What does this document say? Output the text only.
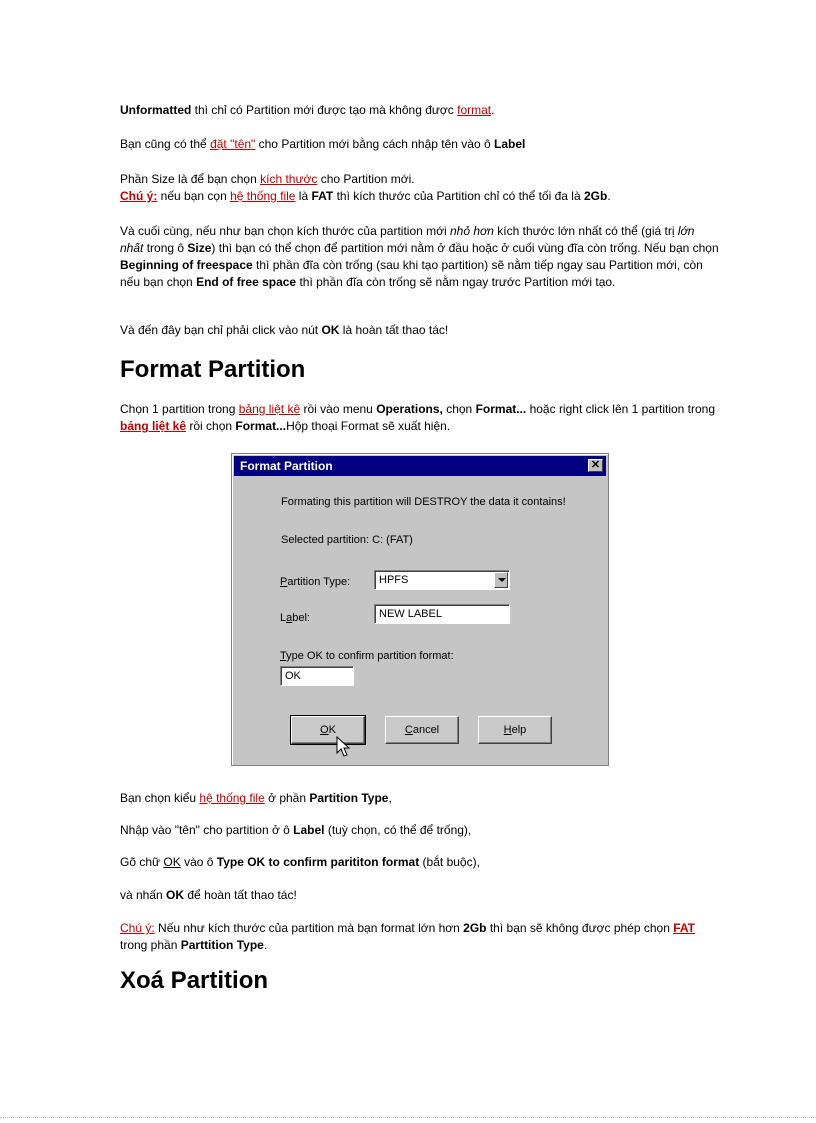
Unformatted thì chỉ có Partition mới được tạo mà không được format.

Bạn cũng có thể đặt "tên" cho Partition mới bằng cách nhập tên vào ô Label

Phần Size là để bạn chọn kích thước cho Partition mới.
Chú ý: nếu bạn cọn hệ thống file là FAT thì kích thước của Partition chỉ có thể tối đa là 2Gb.

Và cuối cùng, nếu như bạn chọn kích thước của partition mới nhỏ hơn kích thước lớn nhất có thể (giá trị lớn nhất trong ô Size) thì bạn có thể chọn để partition mới nằm ở đầu hoặc ở cuối vùng đĩa còn trống. Nếu bạn chọn Beginning of freespace thì phần đĩa còn trống (sau khi tạo partition) sẽ nằm tiếp ngay sau Partition mới, còn nếu bạn chọn End of free space thì phần đĩa còn trống sẽ nằm ngay trước Partition mới tạo.

Và đến đây bạn chỉ phải click vào nút OK là hoàn tất thao tác!

Format Partition

Chọn 1 partition trong bảng liệt kê rồi vào menu Operations, chọn Format... hoặc right click lên 1 partition trong bảng liệt kê rồi chọn Format...Hộp thoại Format sẽ xuất hiện.

Format Partition	✕
Formating this partition will DESTROY the data it contains!
Selected partition: C: (FAT)
Partition Type:	HPFS
Label:	NEW LABEL
Type OK to confirm partition format:
OK
OK	Cancel	Help

Bạn chọn kiểu hệ thống file ở phần Partition Type,

Nhập vào "tên" cho partition ở ô Label (tuỳ chọn, có thể để trống),

Gõ chữ OK vào ô Type OK to confirm parititon format (bắt buộc),

và nhấn OK để hoàn tất thao tác!

Chú ý: Nếu như kích thước của partition mà bạn format lớn hơn 2Gb thì bạn sẽ không được phép chọn FAT trong phần Parttition Type.

Xoá Partition
